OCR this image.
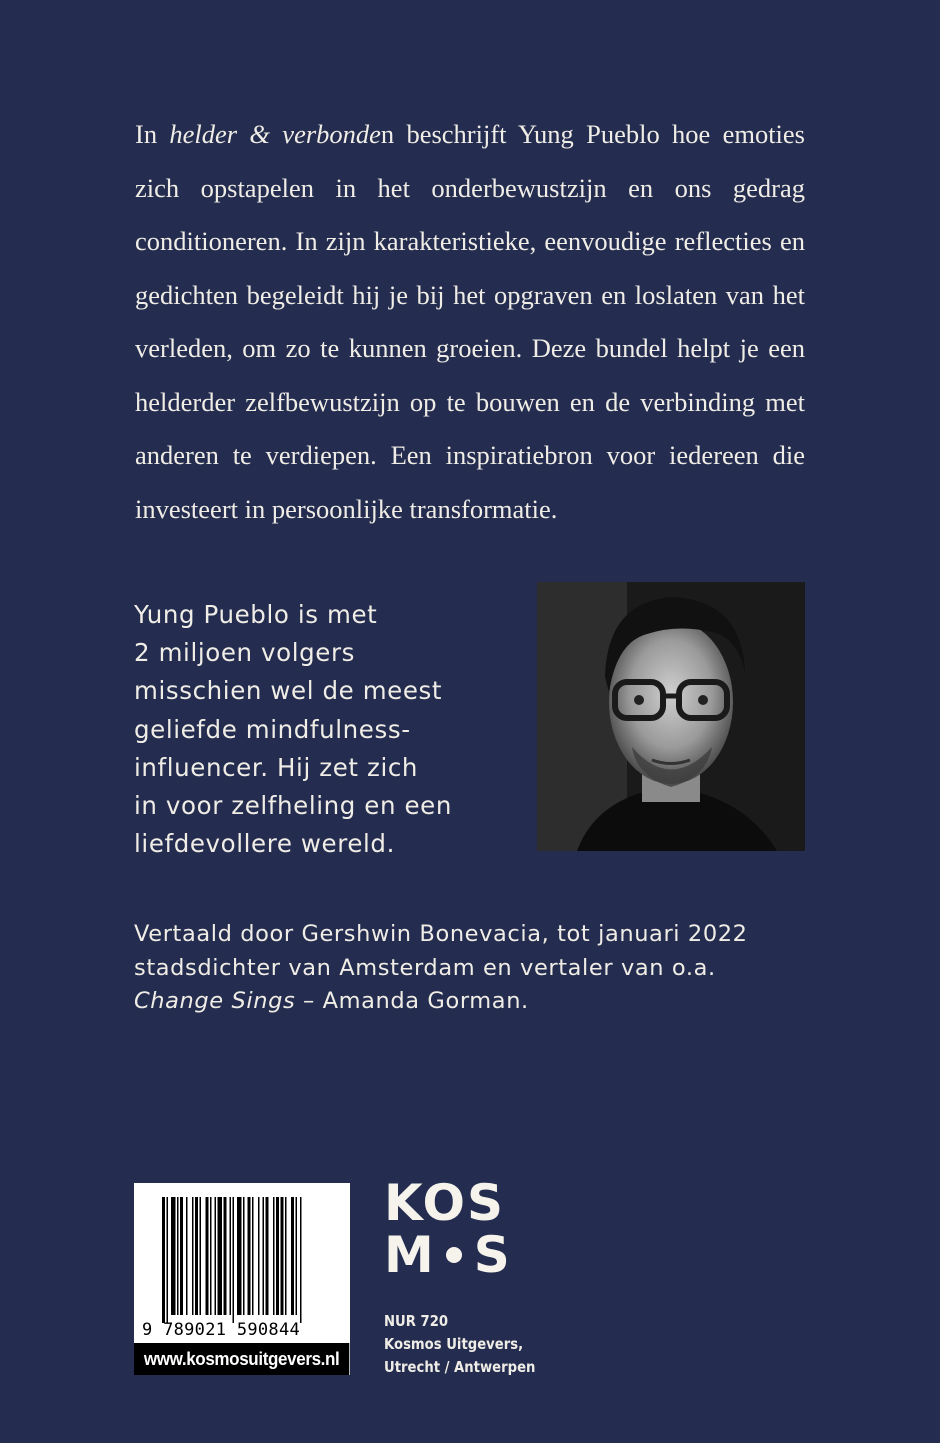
In helder & verbonden beschrijft Yung Pueblo hoe emoties zich opstapelen in het onderbewustzijn en ons gedrag conditioneren. In zijn karakteristieke, eenvoudige reflecties en gedichten begeleidt hij je bij het opgraven en loslaten van het verleden, om zo te kunnen groeien. Deze bundel helpt je een helderder zelfbewustzijn op te bouwen en de verbinding met anderen te verdiepen. Een inspiratiebron voor iedereen die investeert in persoonlijke transformatie.

Yung Pueblo is met
2 miljoen volgers
misschien wel de meest
geliefde mindfulness-
influencer. Hij zet zich
in voor zelfheling en een
liefdevollere wereld.

Vertaald door Gershwin Bonevacia, tot januari 2022
stadsdichter van Amsterdam en vertaler van o.a.
Change Sings – Amanda Gorman.

9 789021 590844
www.kosmosuitgevers.nl
KOS
M S
NUR 720
Kosmos Uitgevers,
Utrecht / Antwerpen
